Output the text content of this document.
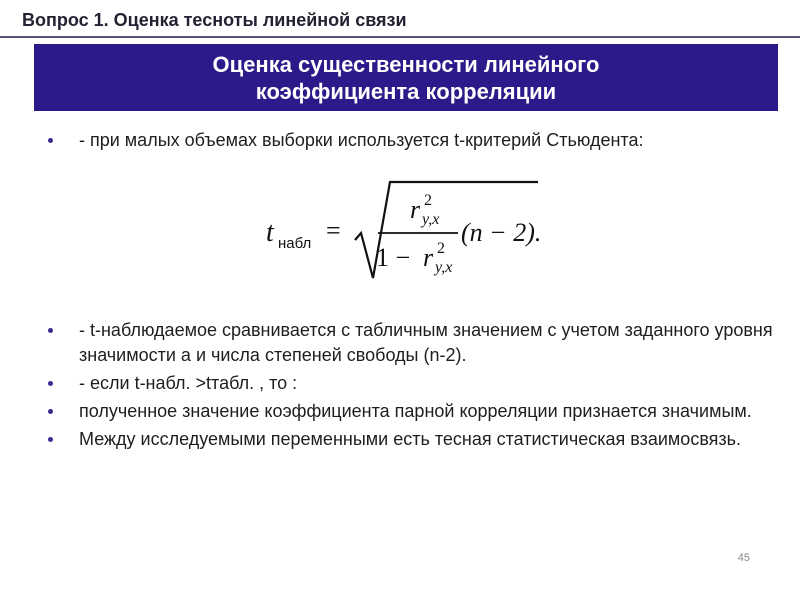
Вопрос 1. Оценка тесноты линейной связи
Оценка существенности линейного
коэффициента корреляции
- при малых объемах выборки используется t-критерий Стьюдента:
t набл =
r 2
y,x
1 − r 2
y,x
(n − 2).
- t-наблюдаемое сравнивается с табличным значением с учетом заданного уровня значимости а и числа степеней свободы (n-2).
- если t-набл. >tтабл. , то :
полученное значение коэффициента парной корреляции признается значимым.
Между исследуемыми переменными есть тесная статистическая взаимосвязь.
45
